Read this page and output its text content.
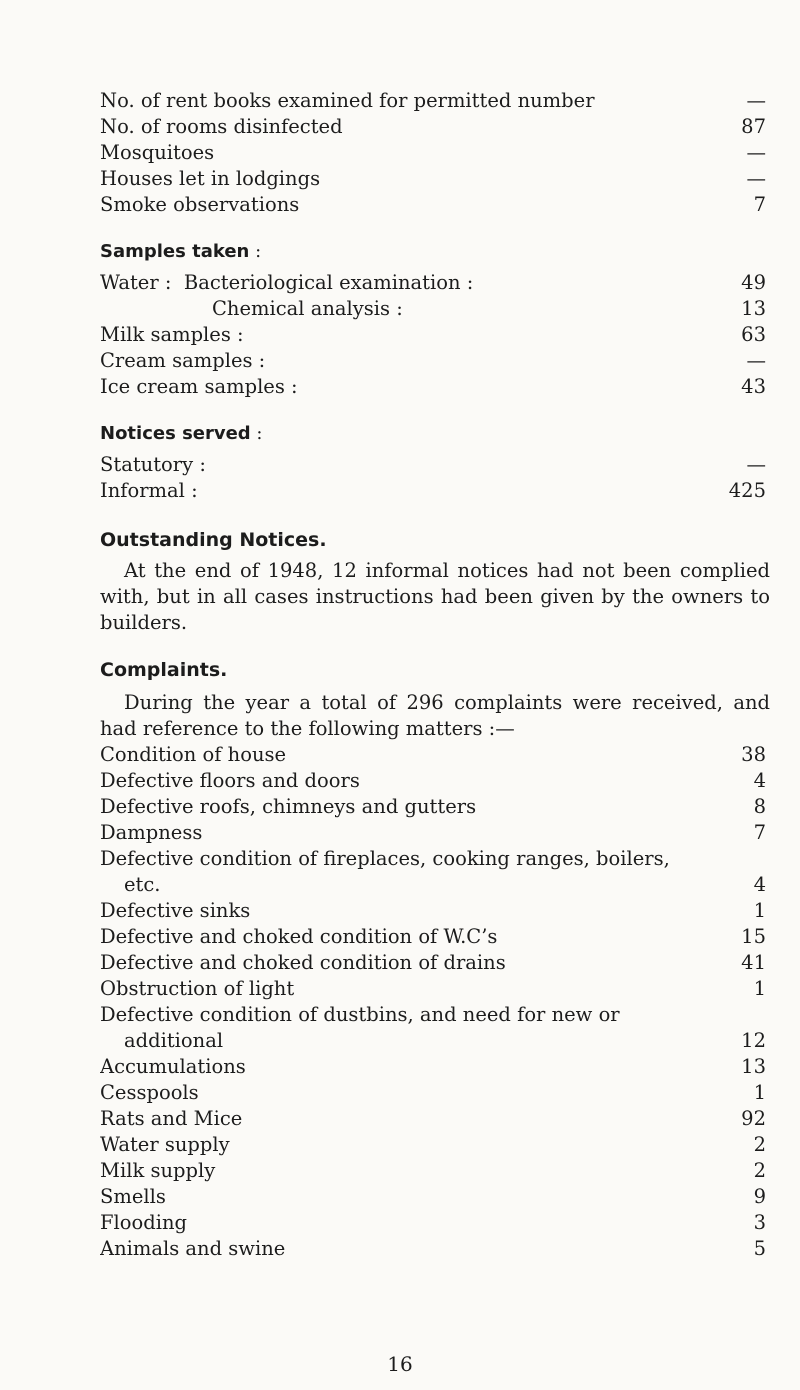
No. of rent books examined for permitted number	—
No. of rooms disinfected	87
Mosquitoes	—
Houses let in lodgings	—
Smoke observations	7
Samples taken :
Water : Bacteriological examination :	49
Chemical analysis :	13
Milk samples :	63
Cream samples :	—
Ice cream samples :	43
Notices served :
Statutory :	—
Informal :	425
Outstanding Notices.
At the end of 1948, 12 informal notices had not been complied with, but in all cases instructions had been given by the owners to builders.
Complaints.
During the year a total of 296 complaints were received, and had reference to the following matters :—
Condition of house	38
Defective floors and doors	4
Defective roofs, chimneys and gutters	8
Dampness	7
Defective condition of fireplaces, cooking ranges, boilers,
etc.	4
Defective sinks	1
Defective and choked condition of W.C’s	15
Defective and choked condition of drains	41
Obstruction of light	1
Defective condition of dustbins, and need for new or
additional	12
Accumulations	13
Cesspools	1
Rats and Mice	92
Water supply	2
Milk supply	2
Smells	9
Flooding	3
Animals and swine	5
16
